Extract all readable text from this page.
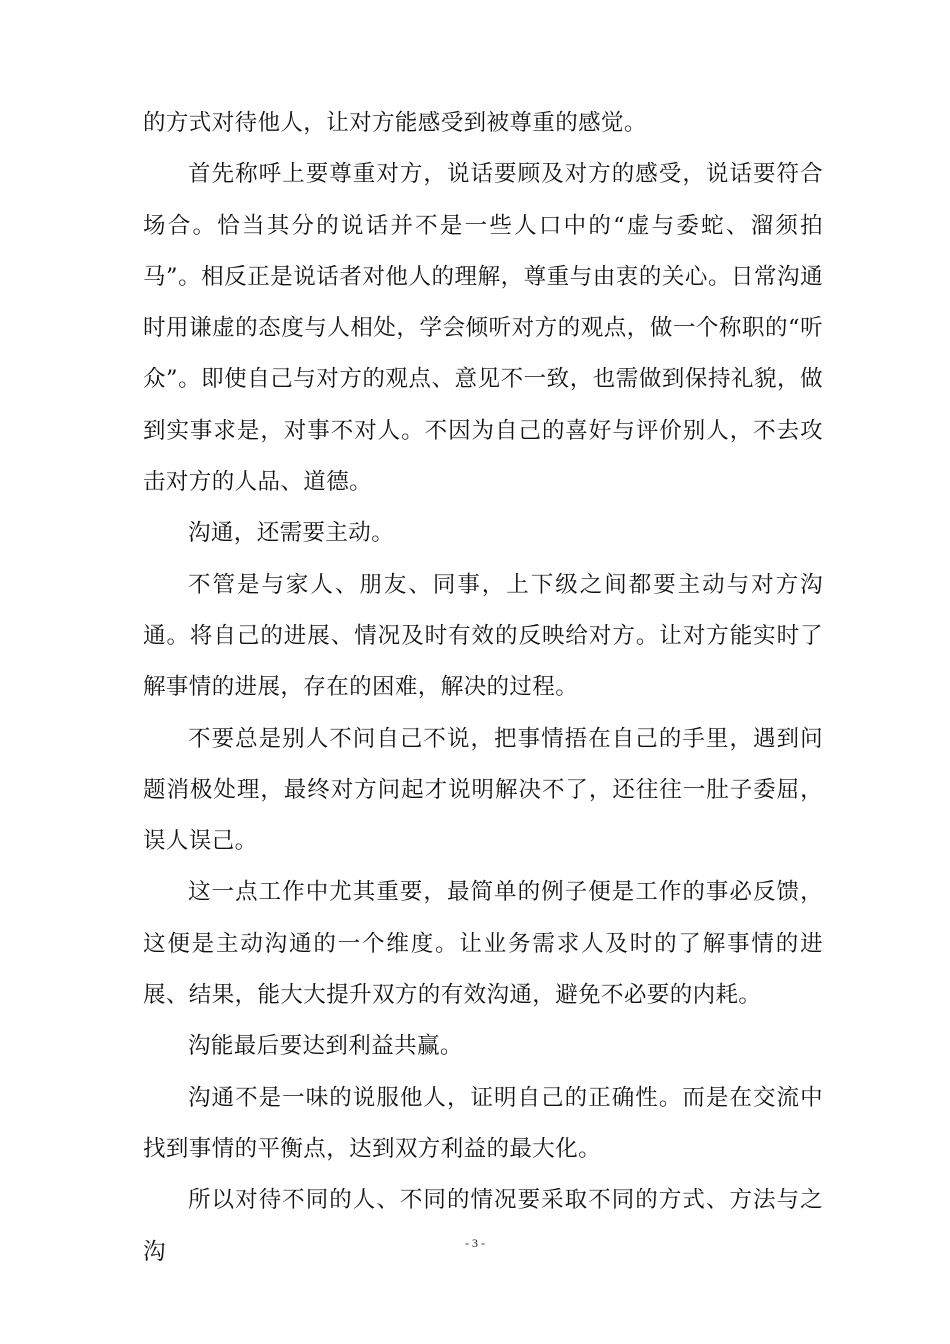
的方式对待他人，让对方能感受到被尊重的感觉。

首先称呼上要尊重对方，说话要顾及对方的感受，说话要符合场合。恰当其分的说话并不是一些人口中的“虚与委蛇、溜须拍马”。相反正是说话者对他人的理解，尊重与由衷的关心。日常沟通时用谦虚的态度与人相处，学会倾听对方的观点，做一个称职的“听众”。即使自己与对方的观点、意见不一致，也需做到保持礼貌，做到实事求是，对事不对人。不因为自己的喜好与评价别人，不去攻击对方的人品、道德。

沟通，还需要主动。

不管是与家人、朋友、同事，上下级之间都要主动与对方沟通。将自己的进展、情况及时有效的反映给对方。让对方能实时了解事情的进展，存在的困难，解决的过程。

不要总是别人不问自己不说，把事情捂在自己的手里，遇到问题消极处理，最终对方问起才说明解决不了，还往往一肚子委屈，误人误己。

这一点工作中尤其重要，最简单的例子便是工作的事必反馈，这便是主动沟通的一个维度。让业务需求人及时的了解事情的进展、结果，能大大提升双方的有效沟通，避免不必要的内耗。

沟能最后要达到利益共赢。

沟通不是一味的说服他人，证明自己的正确性。而是在交流中找到事情的平衡点，达到双方利益的最大化。

所以对待不同的人、不同的情况要采取不同的方式、方法与之沟	- 3 -
